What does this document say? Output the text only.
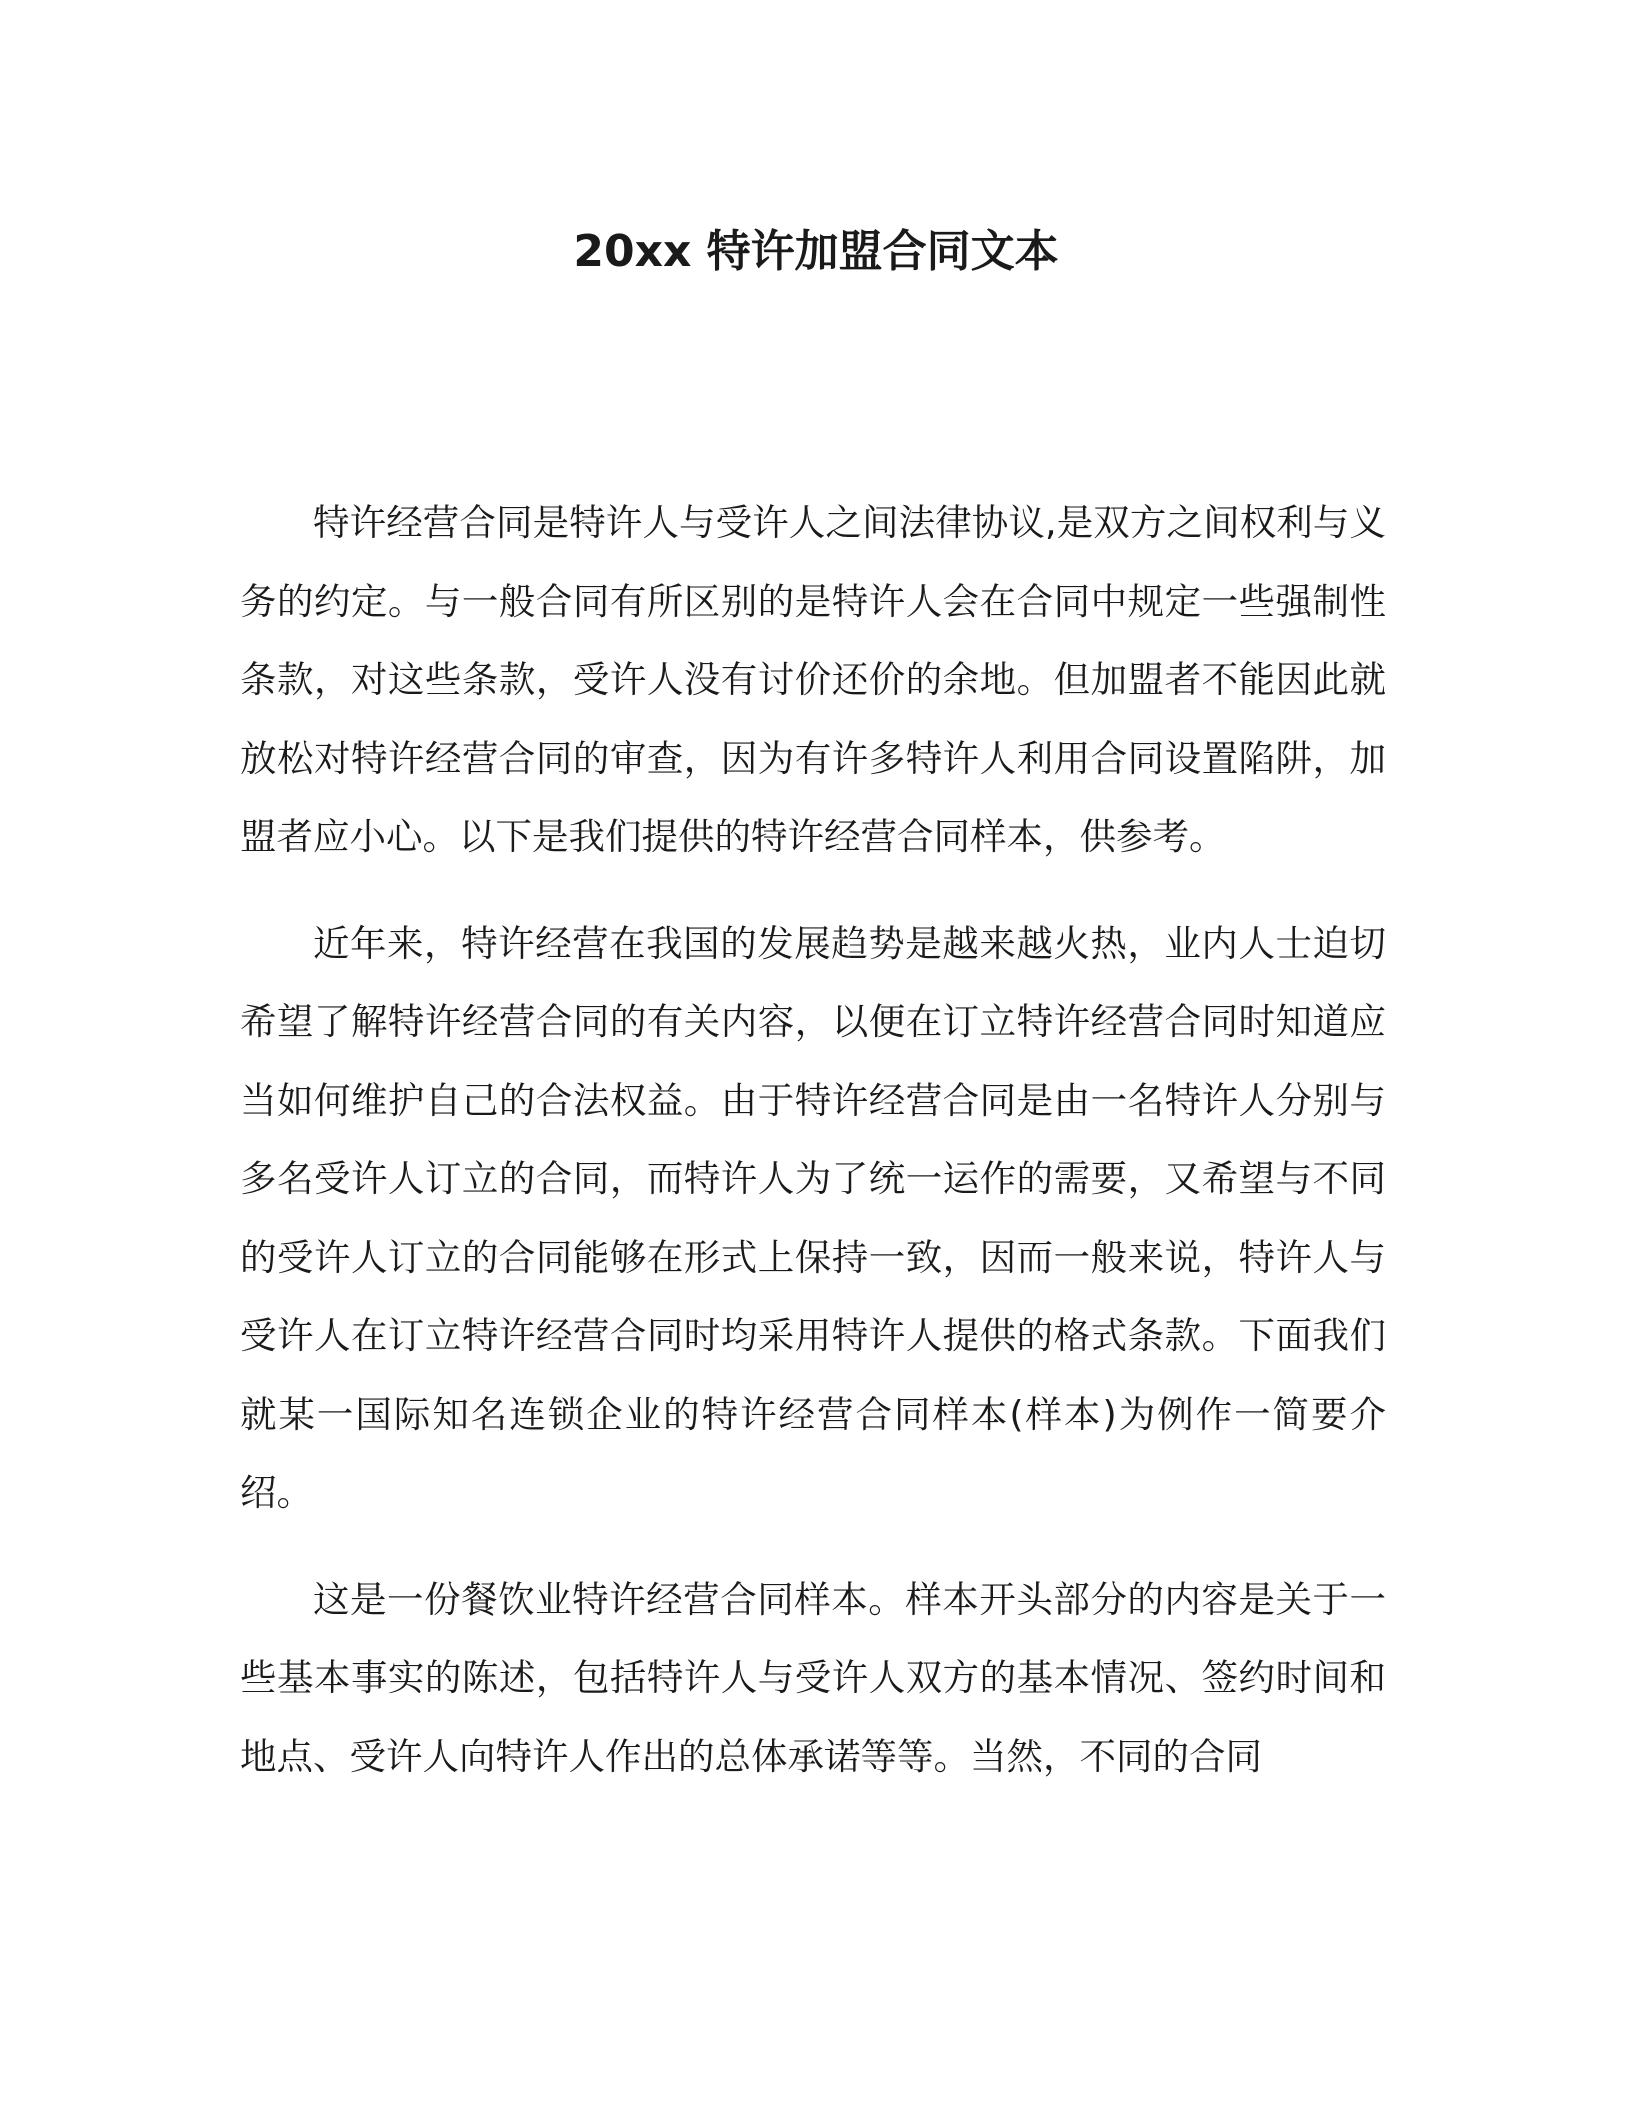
20xx 特许加盟合同文本

特许经营合同是特许人与受许人之间法律协议,是双方之间权利与义务的约定。与一般合同有所区别的是特许人会在合同中规定一些强制性条款，对这些条款，受许人没有讨价还价的余地。但加盟者不能因此就放松对特许经营合同的审查，因为有许多特许人利用合同设置陷阱，加盟者应小心。以下是我们提供的特许经营合同样本，供参考。

近年来，特许经营在我国的发展趋势是越来越火热，业内人士迫切希望了解特许经营合同的有关内容，以便在订立特许经营合同时知道应当如何维护自己的合法权益。由于特许经营合同是由一名特许人分别与多名受许人订立的合同，而特许人为了统一运作的需要，又希望与不同的受许人订立的合同能够在形式上保持一致，因而一般来说，特许人与受许人在订立特许经营合同时均采用特许人提供的格式条款。下面我们就某一国际知名连锁企业的特许经营合同样本(样本)为例作一简要介绍。

这是一份餐饮业特许经营合同样本。样本开头部分的内容是关于一些基本事实的陈述，包括特许人与受许人双方的基本情况、签约时间和地点、受许人向特许人作出的总体承诺等等。当然，不同的合同
